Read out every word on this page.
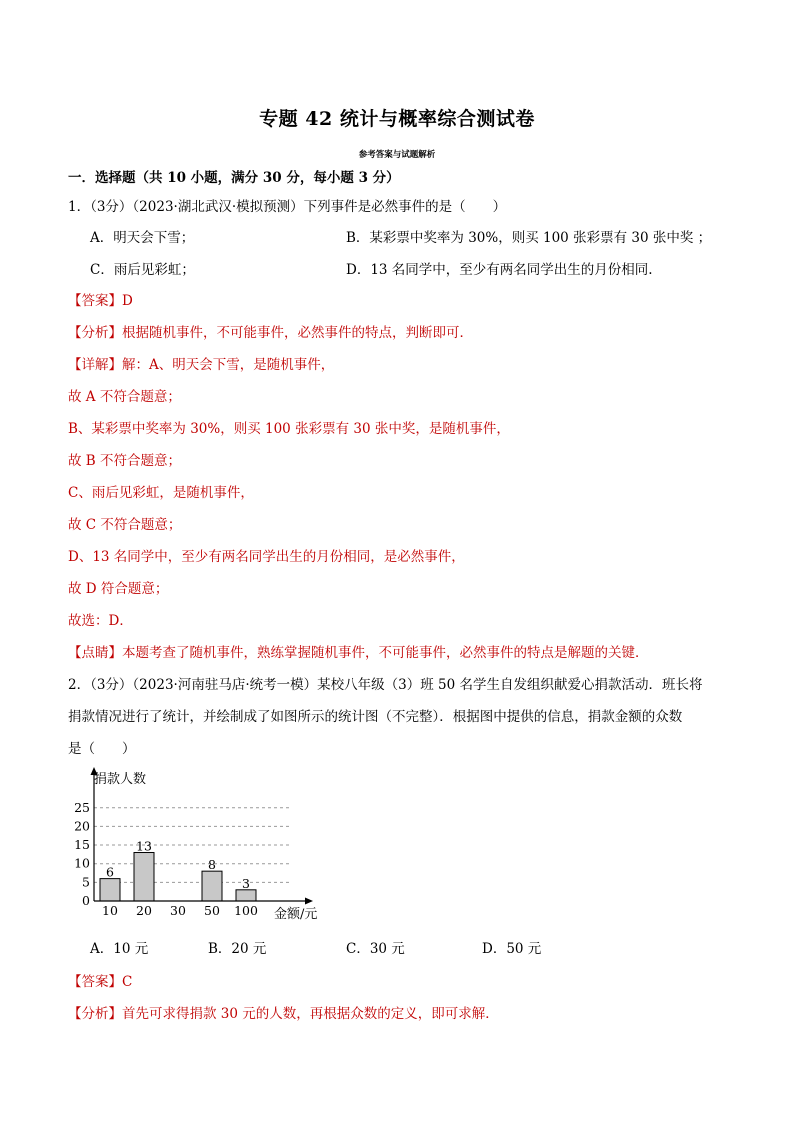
专题 42 统计与概率综合测试卷
参考答案与试题解析
一．选择题（共 10 小题，满分 30 分，每小题 3 分）
1．（3分）（2023·湖北武汉·模拟预测）下列事件是必然事件的是（　　）
A．明天会下雪；	B．某彩票中奖率为 30%，则买 100 张彩票有 30 张中奖 ；
C．雨后见彩虹；	D．13 名同学中，至少有两名同学出生的月份相同.
【答案】D
【分析】根据随机事件，不可能事件，必然事件的特点，判断即可．
【详解】解：A、明天会下雪，是随机事件，
故 A 不符合题意；
B、某彩票中奖率为 30%，则买 100 张彩票有 30 张中奖，是随机事件，
故 B 不符合题意；
C、雨后见彩虹，是随机事件，
故 C 不符合题意；
D、13 名同学中，至少有两名同学出生的月份相同，是必然事件，
故 D 符合题意；
故选：D．
【点睛】本题考查了随机事件，熟练掌握随机事件，不可能事件，必然事件的特点是解题的关键．
2．（3分）（2023·河南驻马店·统考一模）某校八年级（3）班 50 名学生自发组织献爱心捐款活动．班长将
捐款情况进行了统计，并绘制成了如图所示的统计图（不完整）．根据图中提供的信息，捐款金额的众数
是（　　）
6
13
8
3
0
5
10
15
20
25
10 20 30 50 100
捐款人数
金额/元
A．10 元	B．20 元	C．30 元	D．50 元
【答案】C
【分析】首先可求得捐款 30 元的人数，再根据众数的定义，即可求解．
